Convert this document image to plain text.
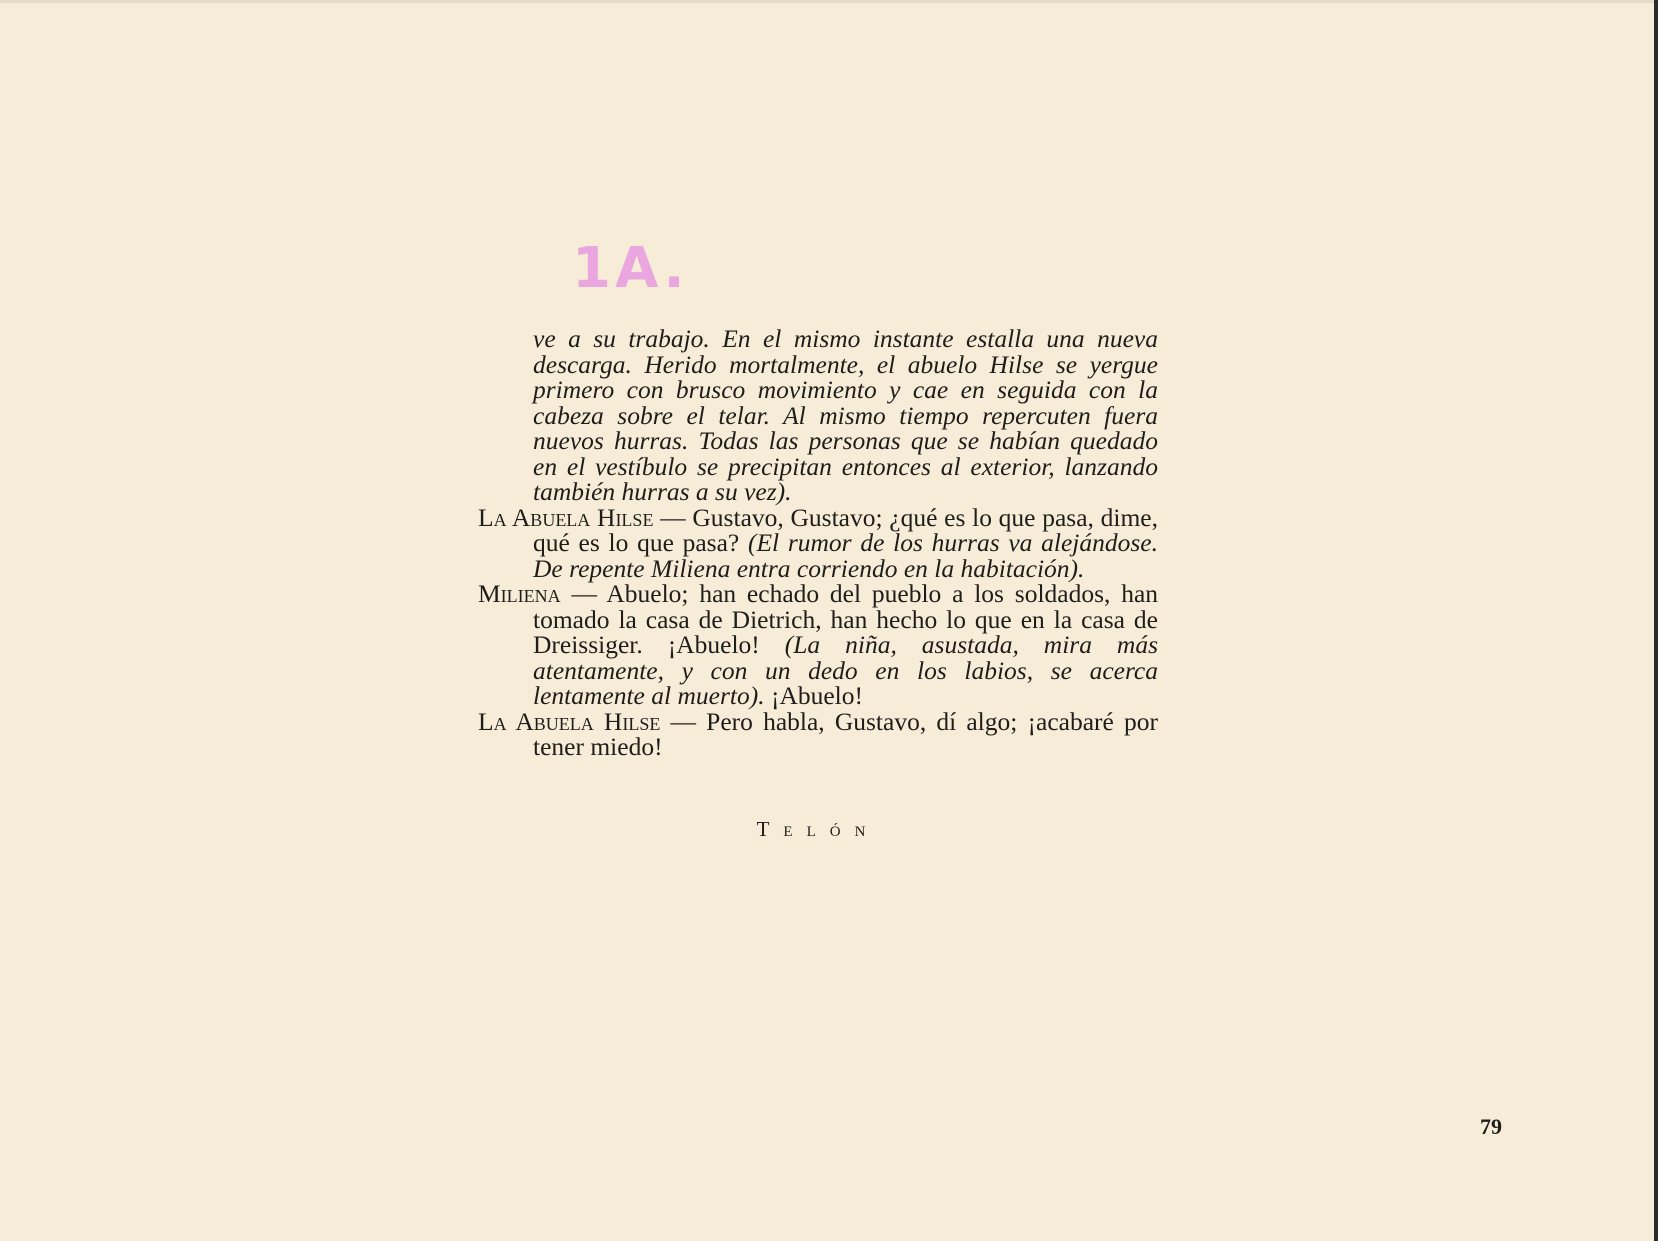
1A.

ve a su trabajo. En el mismo instante estalla una nueva descarga. Herido mortalmente, el abuelo Hilse se yergue primero con brusco movimiento y cae en seguida con la cabeza sobre el telar. Al mismo tiempo repercuten fuera nuevos hurras. Todas las personas que se habían quedado en el vestíbulo se precipitan entonces al exterior, lanzando también hurras a su vez).

La Abuela Hilse — Gustavo, Gustavo; ¿qué es lo que pasa, dime, qué es lo que pasa? (El rumor de los hurras va alejándose. De repente Miliena entra corriendo en la habitación).

Miliena — Abuelo; han echado del pueblo a los soldados, han tomado la casa de Dietrich, han hecho lo que en la casa de Dreissiger. ¡Abuelo! (La niña, asustada, mira más atentamente, y con un dedo en los labios, se acerca lentamente al muerto). ¡Abuelo!

La Abuela Hilse — Pero habla, Gustavo, dí algo; ¡acabaré por tener miedo!

Telón
79
